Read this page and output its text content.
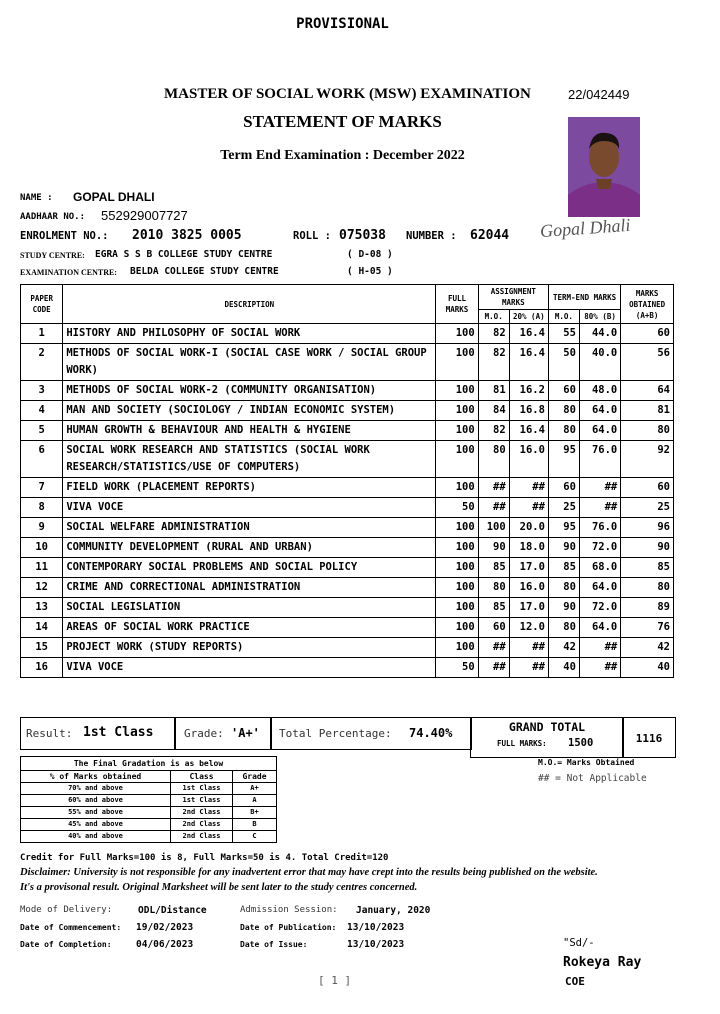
PROVISIONAL
MASTER OF SOCIAL WORK (MSW) EXAMINATION	22/042449
STATEMENT OF MARKS
Term End Examination : December 2022
NAME : GOPAL DHALI
AADHAAR NO.: 552929007727
ENROLMENT NO.: 2010 3825 0005	ROLL : 075038 NUMBER : 62044 Gopal Dhali
STUDY CENTRE: EGRA S S B COLLEGE STUDY CENTRE	( D-08 )
EXAMINATION CENTRE: BELDA COLLEGE STUDY CENTRE	( H-05 )
PAPER CODE	DESCRIPTION	FULL MARKS	ASSIGNMENT MARKS		TERM-END MARKS		MARKS OBTAINED (A+B)
			M.O.	20% (A)	M.O.	80% (B)	
1	HISTORY AND PHILOSOPHY OF SOCIAL WORK	100	82	16.4	55	44.0	60
2	METHODS OF SOCIAL WORK-I (SOCIAL CASE WORK / SOCIAL GROUP WORK)	100	82	16.4	50	40.0	56
3	METHODS OF SOCIAL WORK-2 (COMMUNITY ORGANISATION)	100	81	16.2	60	48.0	64
4	MAN AND SOCIETY (SOCIOLOGY / INDIAN ECONOMIC SYSTEM)	100	84	16.8	80	64.0	81
5	HUMAN GROWTH & BEHAVIOUR AND HEALTH & HYGIENE	100	82	16.4	80	64.0	80
6	SOCIAL WORK RESEARCH AND STATISTICS (SOCIAL WORK RESEARCH/STATISTICS/USE OF COMPUTERS)	100	80	16.0	95	76.0	92
7	FIELD WORK (PLACEMENT REPORTS)	100	##	##	60	##	60
8	VIVA VOCE	50	##	##	25	##	25
9	SOCIAL WELFARE ADMINISTRATION	100	100	20.0	95	76.0	96
10	COMMUNITY DEVELOPMENT (RURAL AND URBAN)	100	90	18.0	90	72.0	90
11	CONTEMPORARY SOCIAL PROBLEMS AND SOCIAL POLICY	100	85	17.0	85	68.0	85
12	CRIME AND CORRECTIONAL ADMINISTRATION	100	80	16.0	80	64.0	80
13	SOCIAL LEGISLATION	100	85	17.0	90	72.0	89
14	AREAS OF SOCIAL WORK PRACTICE	100	60	12.0	80	64.0	76
15	PROJECT WORK (STUDY REPORTS)	100	##	##	42	##	42
16	VIVA VOCE	50	##	##	40	##	40
Result: 1st Class	Grade: 'A+' Total Percentage: 74.40%	GRAND TOTAL
FULL MARKS: 1500	1116
The Final Gradation is as below		
% of Marks obtained	Class	Grade
70% and above	1st Class	A+
60% and above	1st Class	A
55% and above	2nd Class	B+
45% and above	2nd Class	B
40% and above	2nd Class	C
M.O.= Marks Obtained
## = Not Applicable
Credit for Full Marks=100 is 8, Full Marks=50 is 4. Total Credit=120
Disclaimer: University is not responsible for any inadvertent error that may have crept into the results being published on the website.
It's a provisonal result. Original Marksheet will be sent later to the study centres concerned.
Mode of Delivery:	ODL/Distance	Admission Session: January, 2020
Date of Commencement: 19/02/2023	Date of Publication: 13/10/2023
Date of Completion:	04/06/2023	Date of Issue:	13/10/2023	"Sd/-
Rokeya Ray
COE
[ 1 ]
